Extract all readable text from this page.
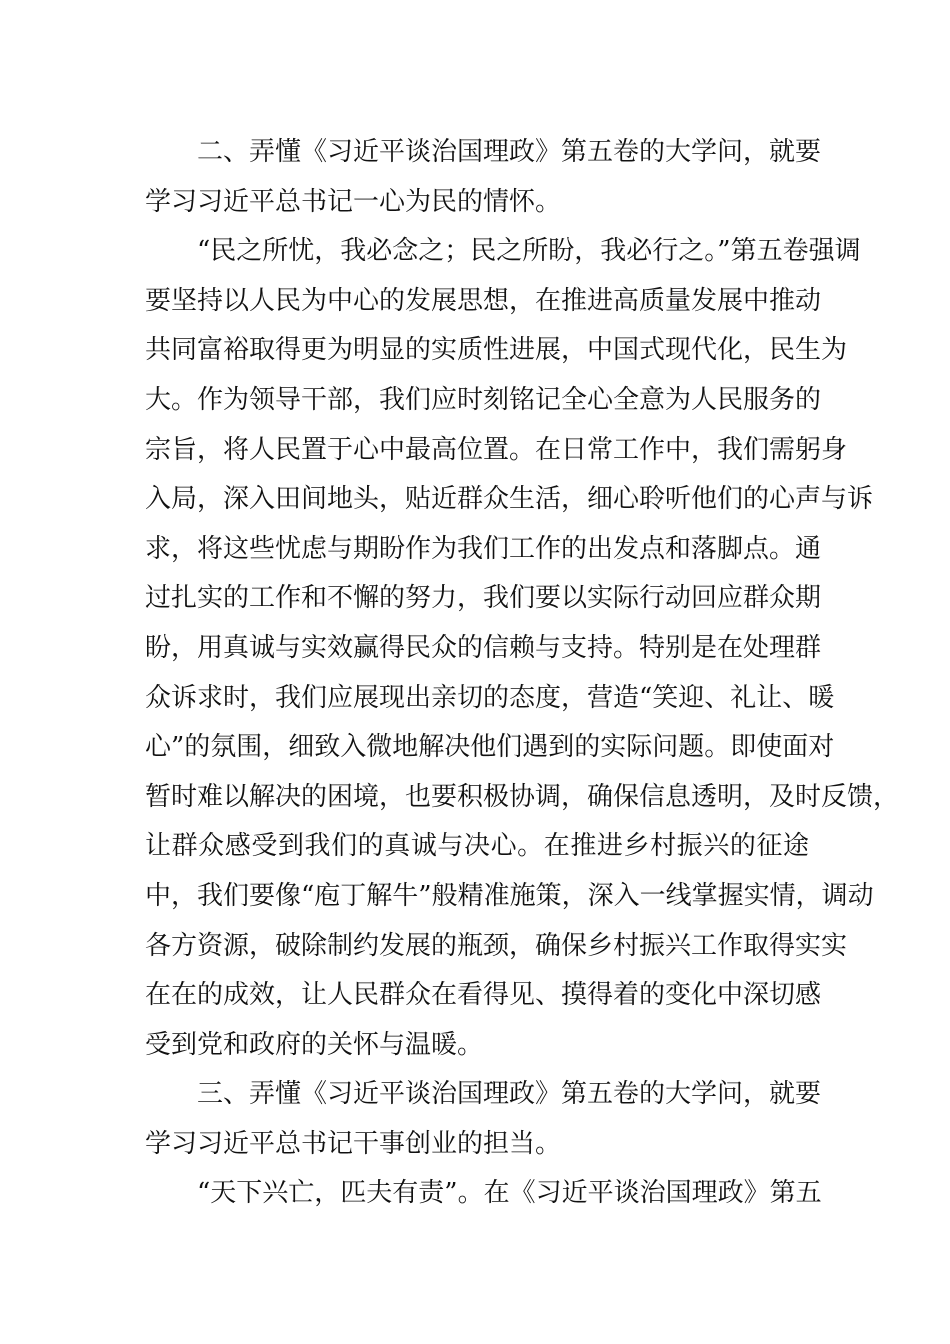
二、弄懂《习近平谈治国理政》第五卷的大学问，就要
学习习近平总书记一心为民的情怀。
“民之所忧，我必念之；民之所盼，我必行之。”第五卷强调
要坚持以人民为中心的发展思想，在推进高质量发展中推动
共同富裕取得更为明显的实质性进展，中国式现代化，民生为
大。作为领导干部，我们应时刻铭记全心全意为人民服务的
宗旨，将人民置于心中最高位置。在日常工作中，我们需躬身
入局，深入田间地头，贴近群众生活，细心聆听他们的心声与诉
求，将这些忧虑与期盼作为我们工作的出发点和落脚点。通
过扎实的工作和不懈的努力，我们要以实际行动回应群众期
盼，用真诚与实效赢得民众的信赖与支持。特别是在处理群
众诉求时，我们应展现出亲切的态度，营造“笑迎、礼让、暖
心”的氛围，细致入微地解决他们遇到的实际问题。即使面对
暂时难以解决的困境，也要积极协调，确保信息透明，及时反馈，
让群众感受到我们的真诚与决心。在推进乡村振兴的征途
中，我们要像“庖丁解牛”般精准施策，深入一线掌握实情，调动
各方资源，破除制约发展的瓶颈，确保乡村振兴工作取得实实
在在的成效，让人民群众在看得见、摸得着的变化中深切感
受到党和政府的关怀与温暖。
三、弄懂《习近平谈治国理政》第五卷的大学问，就要
学习习近平总书记干事创业的担当。
“天下兴亡，匹夫有责”。在《习近平谈治国理政》第五
